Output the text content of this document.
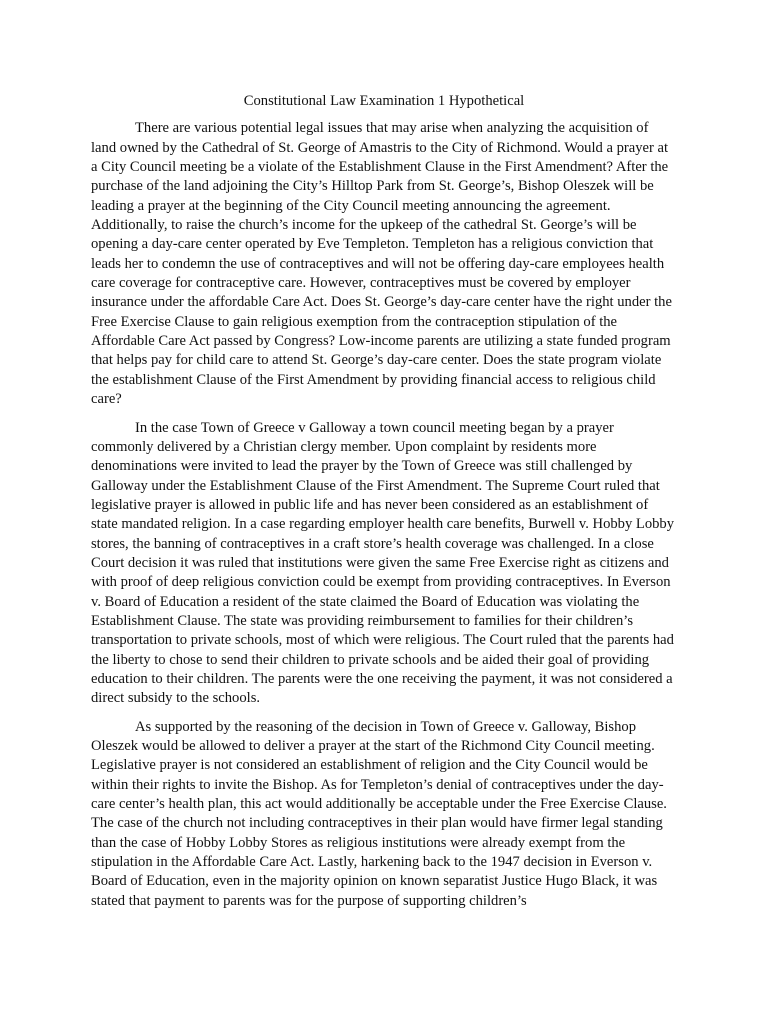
Constitutional Law Examination 1 Hypothetical

There are various potential legal issues that may arise when analyzing the acquisition of land owned by the Cathedral of St. George of Amastris to the City of Richmond. Would a prayer at a City Council meeting be a violate of the Establishment Clause in the First Amendment? After the purchase of the land adjoining the City’s Hilltop Park from St. George’s, Bishop Oleszek will be leading a prayer at the beginning of the City Council meeting announcing the agreement. Additionally, to raise the church’s income for the upkeep of the cathedral St. George’s will be opening a day-care center operated by Eve Templeton. Templeton has a religious conviction that leads her to condemn the use of contraceptives and will not be offering day-care employees health care coverage for contraceptive care. However, contraceptives must be covered by employer insurance under the affordable Care Act. Does St. George’s day-care center have the right under the Free Exercise Clause to gain religious exemption from the contraception stipulation of the Affordable Care Act passed by Congress? Low-income parents are utilizing a state funded program that helps pay for child care to attend St. George’s day-care center. Does the state program violate the establishment Clause of the First Amendment by providing financial access to religious child care?

In the case Town of Greece v Galloway a town council meeting began by a prayer commonly delivered by a Christian clergy member. Upon complaint by residents more denominations were invited to lead the prayer by the Town of Greece was still challenged by Galloway under the Establishment Clause of the First Amendment. The Supreme Court ruled that legislative prayer is allowed in public life and has never been considered as an establishment of state mandated religion. In a case regarding employer health care benefits, Burwell v. Hobby Lobby stores, the banning of contraceptives in a craft store’s health coverage was challenged. In a close Court decision it was ruled that institutions were given the same Free Exercise right as citizens and with proof of deep religious conviction could be exempt from providing contraceptives. In Everson v. Board of Education a resident of the state claimed the Board of Education was violating the Establishment Clause. The state was providing reimbursement to families for their children’s transportation to private schools, most of which were religious. The Court ruled that the parents had the liberty to chose to send their children to private schools and be aided their goal of providing education to their children. The parents were the one receiving the payment, it was not considered a direct subsidy to the schools.

As supported by the reasoning of the decision in Town of Greece v. Galloway, Bishop Oleszek would be allowed to deliver a prayer at the start of the Richmond City Council meeting. Legislative prayer is not considered an establishment of religion and the City Council would be within their rights to invite the Bishop. As for Templeton’s denial of contraceptives under the day-care center’s health plan, this act would additionally be acceptable under the Free Exercise Clause. The case of the church not including contraceptives in their plan would have firmer legal standing than the case of Hobby Lobby Stores as religious institutions were already exempt from the stipulation in the Affordable Care Act. Lastly, harkening back to the 1947 decision in Everson v. Board of Education, even in the majority opinion on known separatist Justice Hugo Black, it was stated that payment to parents was for the purpose of supporting children’s
